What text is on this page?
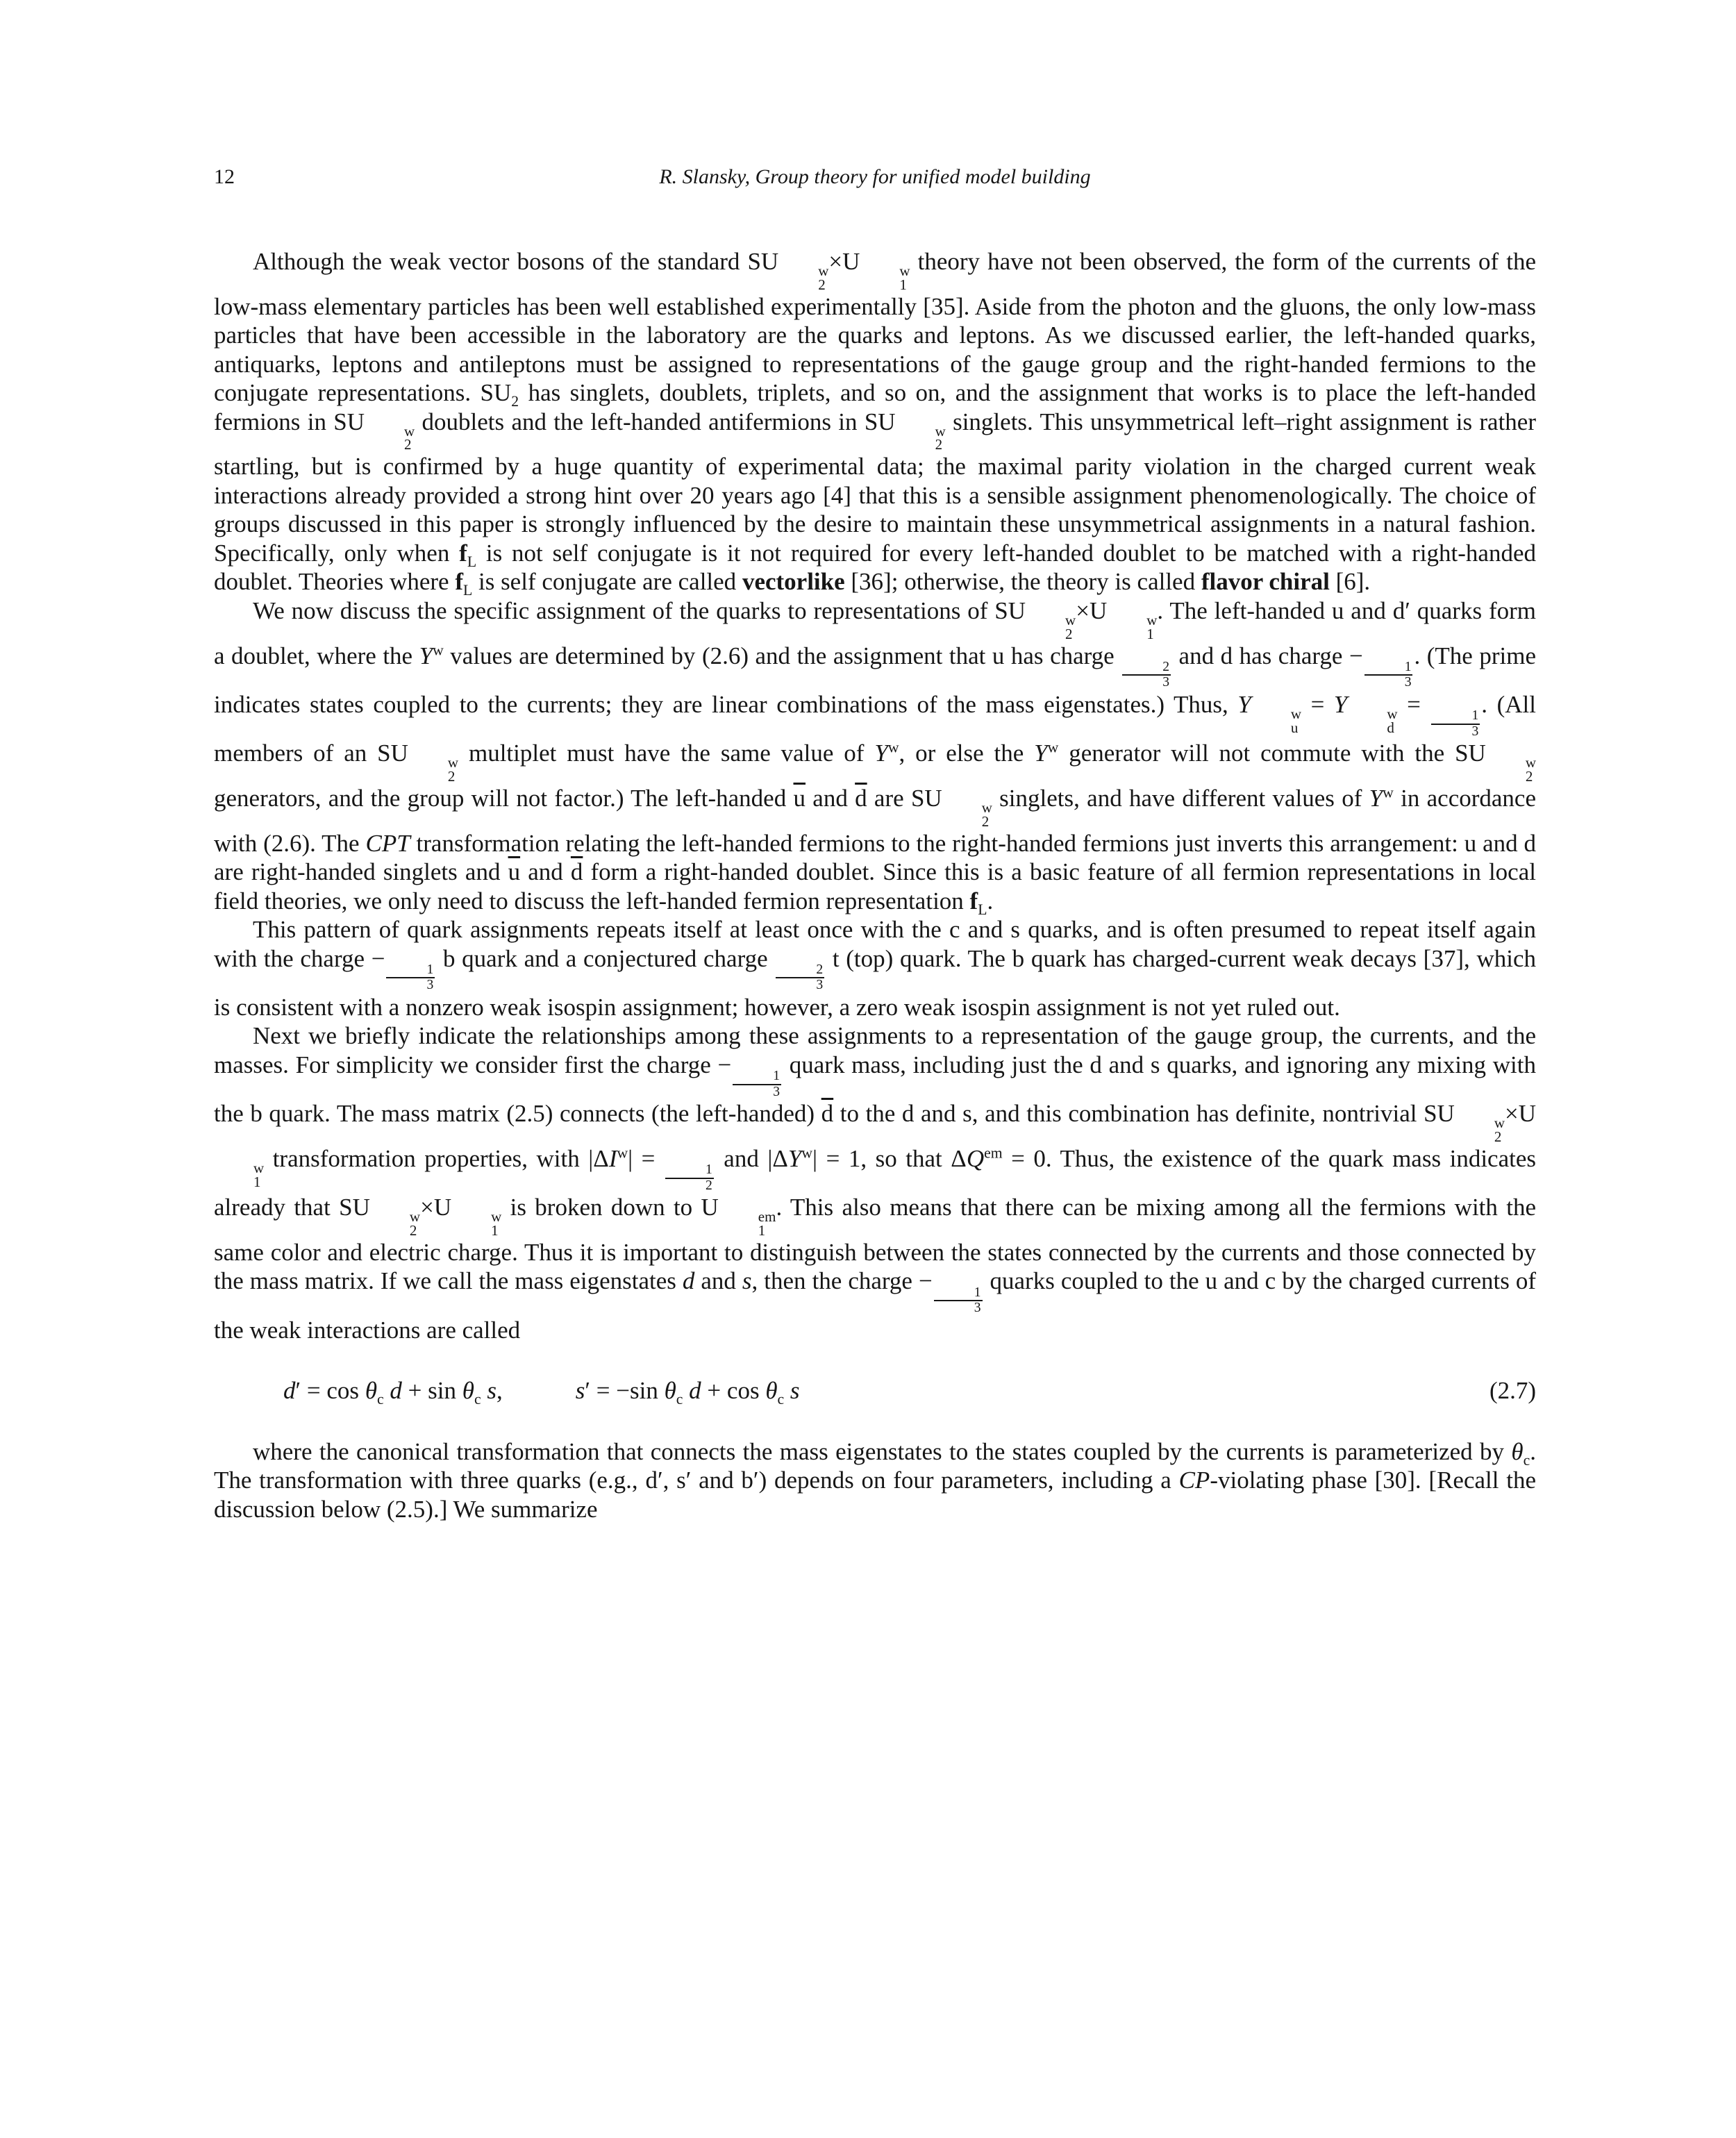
12	R. Slansky, Group theory for unified model building

Although the weak vector bosons of the standard SU	w
2
×U	w
1
theory have not been observed, the form of the currents of the low-mass elementary particles has been well established experimentally [35]. Aside from the photon and the gluons, the only low-mass particles that have been accessible in the laboratory are the quarks and leptons. As we discussed earlier, the left-handed quarks, antiquarks, leptons and antileptons must be assigned to representations of the gauge group and the right-handed fermions to the conjugate representations. $SU_2$ has singlets, doublets, triplets, and so on, and the assignment that works is to place the left-handed fermions in SU	w
2
doublets and the left-handed antifermions in SU	w
2
singlets. This unsymmetrical left–right assignment is rather startling, but is confirmed by a huge quantity of experimental data; the maximal parity violation in the charged current weak interactions already provided a strong hint over 20 years ago [4] that this is a sensible assignment phenomenologically. The choice of groups discussed in this paper is strongly influenced by the desire to maintain these unsymmetrical assignments in a natural fashion. Specifically, only when $f_L$ is not self conjugate is it not required for every left-handed doublet to be matched with a right-handed doublet. Theories where $f_L$ is self conjugate are called vectorlike [36]; otherwise, the theory is called flavor chiral [6].

We now discuss the specific assignment of the quarks to representations of SU	w
2
×U	w
1
. The left-handed u and d′ quarks form a doublet, where the $Y^w$ values are determined by (2.6) and the assignment that u has charge
$\frac{2}{3}$
and d has charge −
$\frac{1}{3}$
. (The prime indicates states coupled to the currents; they are linear combinations of the mass eigenstates.) Thus, Y	w
u
= Y	w
d
=
$\frac{1}{3}$
. (All members of an SU	w
2
multiplet must have the same value of $Y^w$, or else the $Y^w$ generator will not commute with the SU	w
2
generators, and the group will not factor.) The left-handed $\overline{u}$ and $\overline{d}$ are SU	w
2
singlets, and have different values of $Y^w$ in accordance with (2.6). The CPT transformation relating the left-handed fermions to the right-handed fermions just inverts this arrangement: u and d are right-handed singlets and $\overline{u}$ and $\overline{d}$ form a right-handed doublet. Since this is a basic feature of all fermion representations in local field theories, we only need to discuss the left-handed fermion representation $f_L$.

This pattern of quark assignments repeats itself at least once with the c and s quarks, and is often presumed to repeat itself again with the charge −
$\frac{1}{3}$
b quark and a conjectured charge
$\frac{2}{3}$
t (top) quark. The b quark has charged-current weak decays [37], which is consistent with a nonzero weak isospin assignment; however, a zero weak isospin assignment is not yet ruled out.

Next we briefly indicate the relationships among these assignments to a representation of the gauge group, the currents, and the masses. For simplicity we consider first the charge −
$\frac{1}{3}$
quark mass, including just the d and s quarks, and ignoring any mixing with the b quark. The mass matrix (2.5) connects (the left-handed) $\overline{d}$ to the d and s, and this combination has definite, nontrivial SU	w
2
×U
w
1
transformation properties, with $|\Delta I^w|$ =
$\frac{1}{2}$
and $|\Delta Y^w| = 1$, so that $\Delta Q^{em} = 0$. Thus, the existence of the quark mass indicates already that SU	w
2
×U	w
1
is broken down to U	em
1
. This also means that there can be mixing among all the fermions with the same color and electric charge. Thus it is important to distinguish between the states connected by the currents and those connected by the mass matrix. If we call the mass eigenstates d and s, then the charge −
$\frac{1}{3}$
quarks coupled to the u and c by the charged currents of the weak interactions are called

$d' = \cos \theta_c$ $d + \sin \theta_c$ s,   s′ = −sin $\theta_c$ $d + \cos \theta_c$ s	(2.7)

where the canonical transformation that connects the mass eigenstates to the states coupled by the currents is parameterized by $\theta_c$. The transformation with three quarks (e.g., d′, s′ and b′) depends on four parameters, including a CP-violating phase [30]. [Recall the discussion below (2.5).] We summarize
